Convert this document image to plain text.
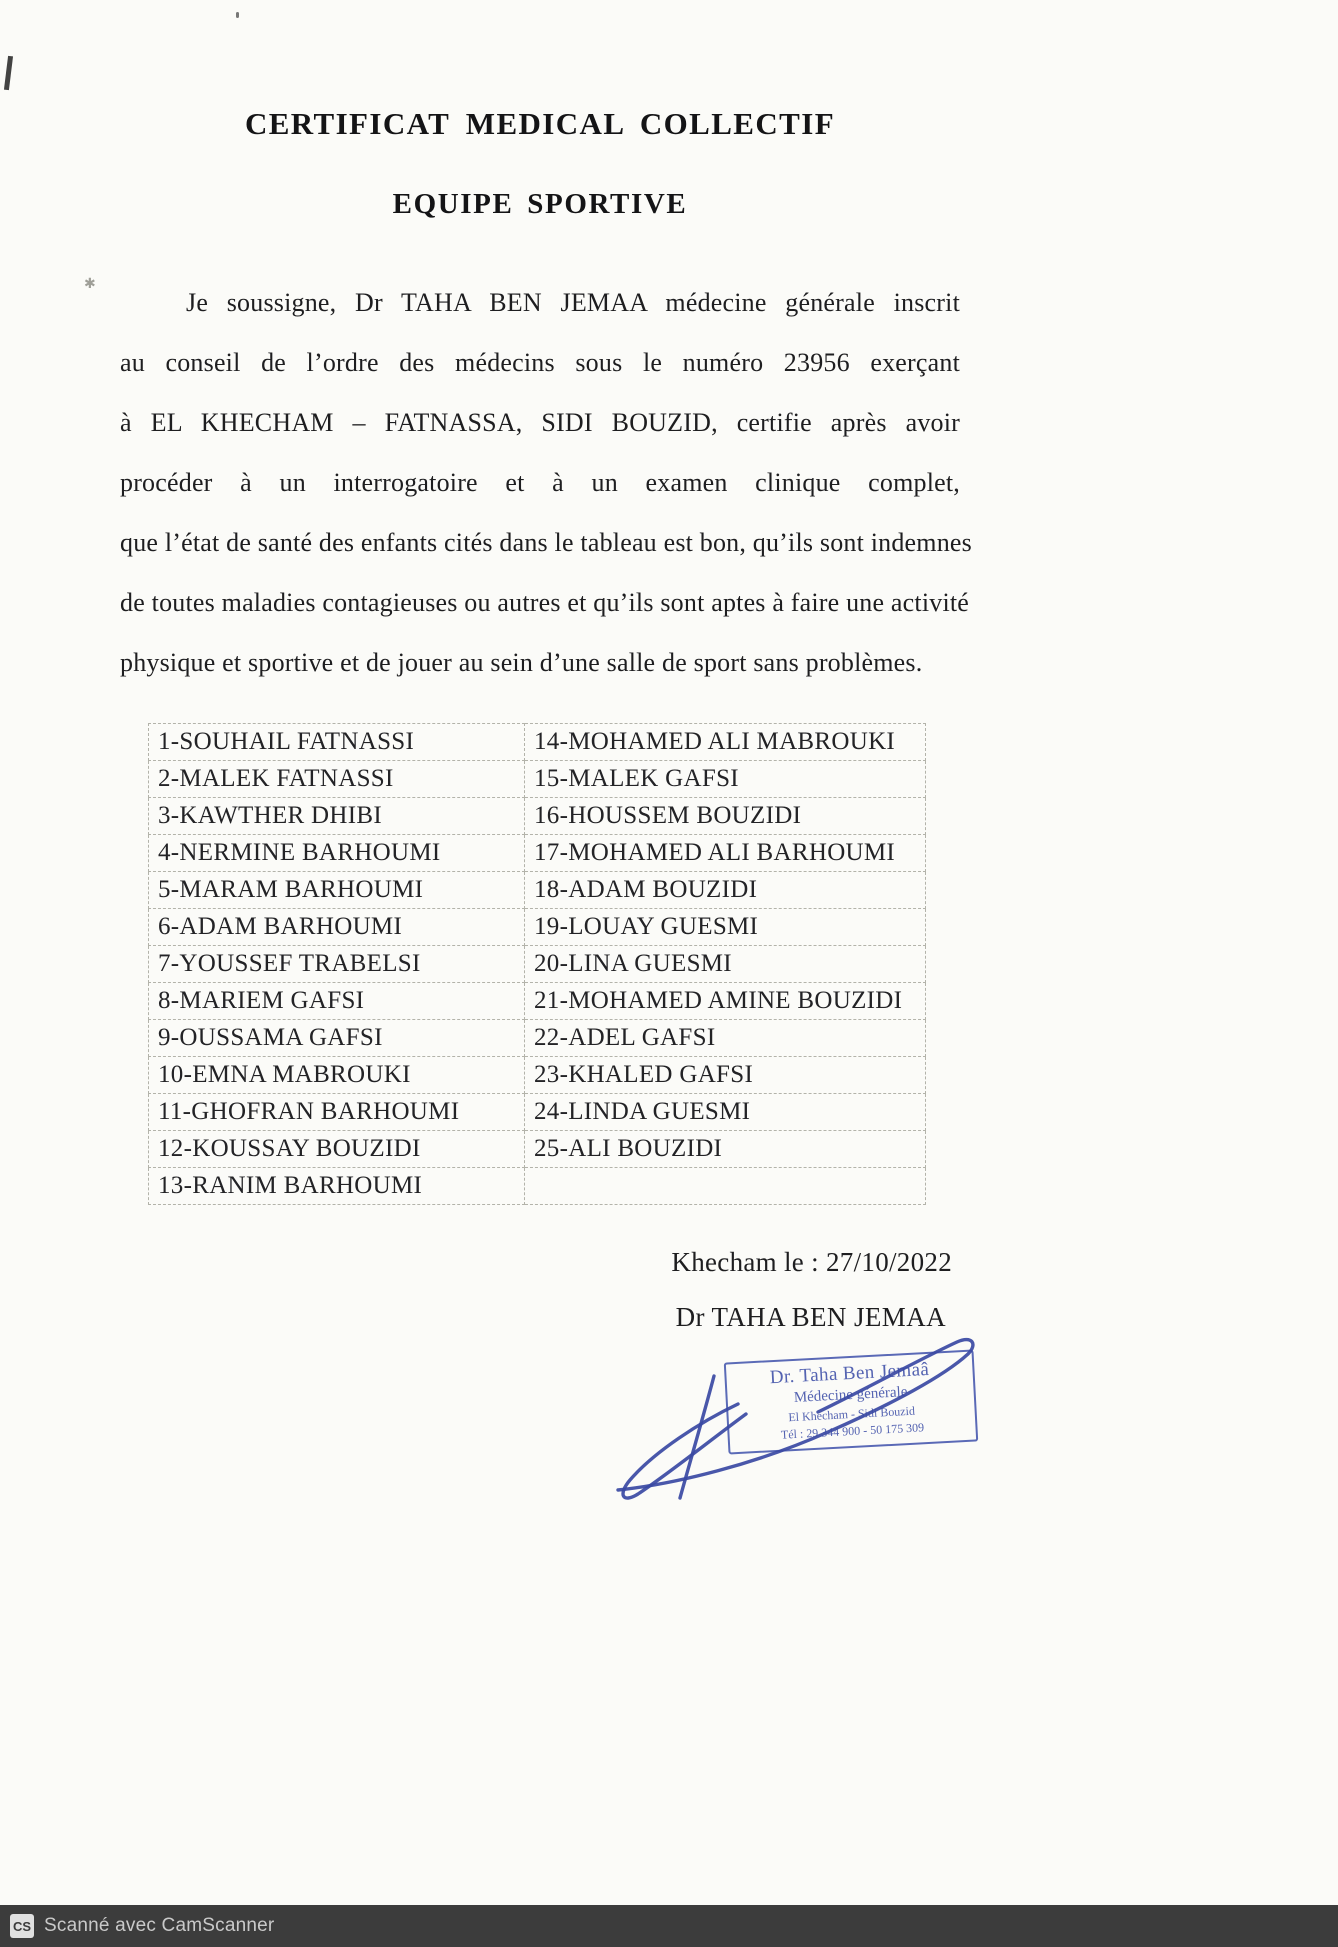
✱
CERTIFICAT MEDICAL COLLECTIF
EQUIPE SPORTIVE
Je soussigne, Dr TAHA BEN JEMAA médecine générale inscrit
au conseil de l’ordre des médecins sous le numéro 23956 exerçant
à EL KHECHAM – FATNASSA, SIDI BOUZID, certifie après avoir
procéder à un interrogatoire et à un examen clinique complet,
que l’état de santé des enfants cités dans le tableau est bon, qu’ils sont indemnes
de toutes maladies contagieuses ou autres et qu’ils sont aptes à faire une activité
physique et sportive et de jouer au sein d’une salle de sport sans problèmes.
1-SOUHAIL FATNASSI	14-MOHAMED ALI MABROUKI
2-MALEK FATNASSI	15-MALEK GAFSI
3-KAWTHER DHIBI	16-HOUSSEM BOUZIDI
4-NERMINE BARHOUMI	17-MOHAMED ALI BARHOUMI
5-MARAM BARHOUMI	18-ADAM BOUZIDI
6-ADAM BARHOUMI	19-LOUAY GUESMI
7-YOUSSEF TRABELSI	20-LINA GUESMI
8-MARIEM GAFSI	21-MOHAMED AMINE BOUZIDI
9-OUSSAMA GAFSI	22-ADEL GAFSI
10-EMNA MABROUKI	23-KHALED GAFSI
11-GHOFRAN BARHOUMI	24-LINDA GUESMI
12-KOUSSAY BOUZIDI	25-ALI BOUZIDI
13-RANIM BARHOUMI	
Khecham le : 27/10/2022
Dr TAHA BEN JEMAA
Dr. Taha Ben Jemaâ
Médecine générale
El Khecham - Sidi Bouzid
Tél : 29 344 900 - 50 175 309
CS Scanné avec CamScanner
